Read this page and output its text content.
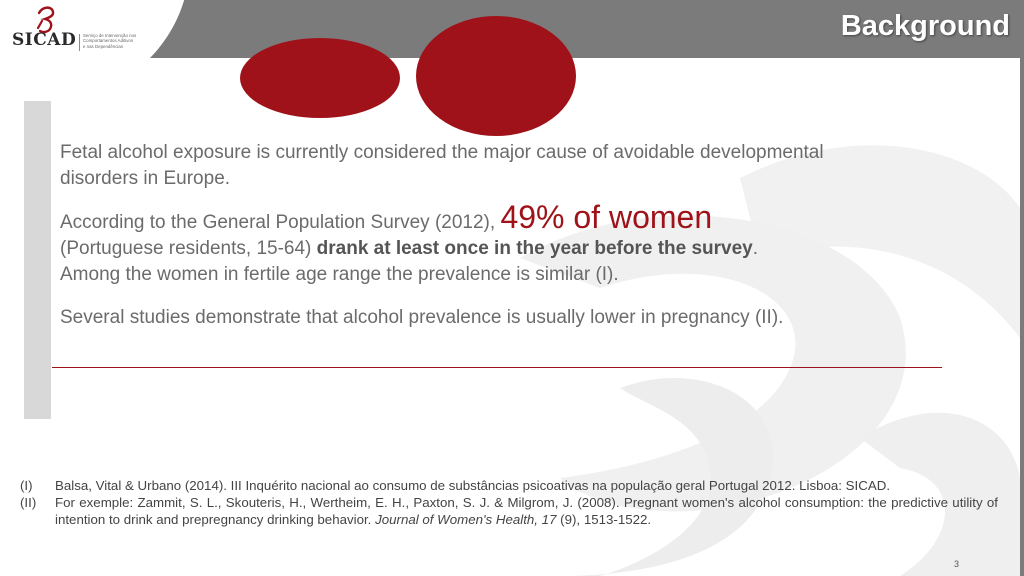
SICAD Serviço de Intervenção nos
Comportamentos Aditivos
e nas Dependências
Background

Fetal alcohol exposure is currently considered the major cause of avoidable developmental disorders in Europe.

According to the General Population Survey (2012), 49% of women
(Portuguese residents, 15-64) drank at least once in the year before the survey.
Among the women in fertile age range the prevalence is similar (I).

Several studies demonstrate that alcohol prevalence is usually lower in pregnancy (II).

(I)	Balsa, Vital & Urbano (2014). III Inquérito nacional ao consumo de substâncias psicoativas na população geral Portugal 2012. Lisboa: SICAD.
(II)	For exemple: Zammit, S. L., Skouteris, H., Wertheim, E. H., Paxton, S. J. & Milgrom, J. (2008). Pregnant women's alcohol consumption: the predictive utility of intention to drink and prepregnancy drinking behavior. Journal of Women's Health, 17 (9), 1513-1522.
3
